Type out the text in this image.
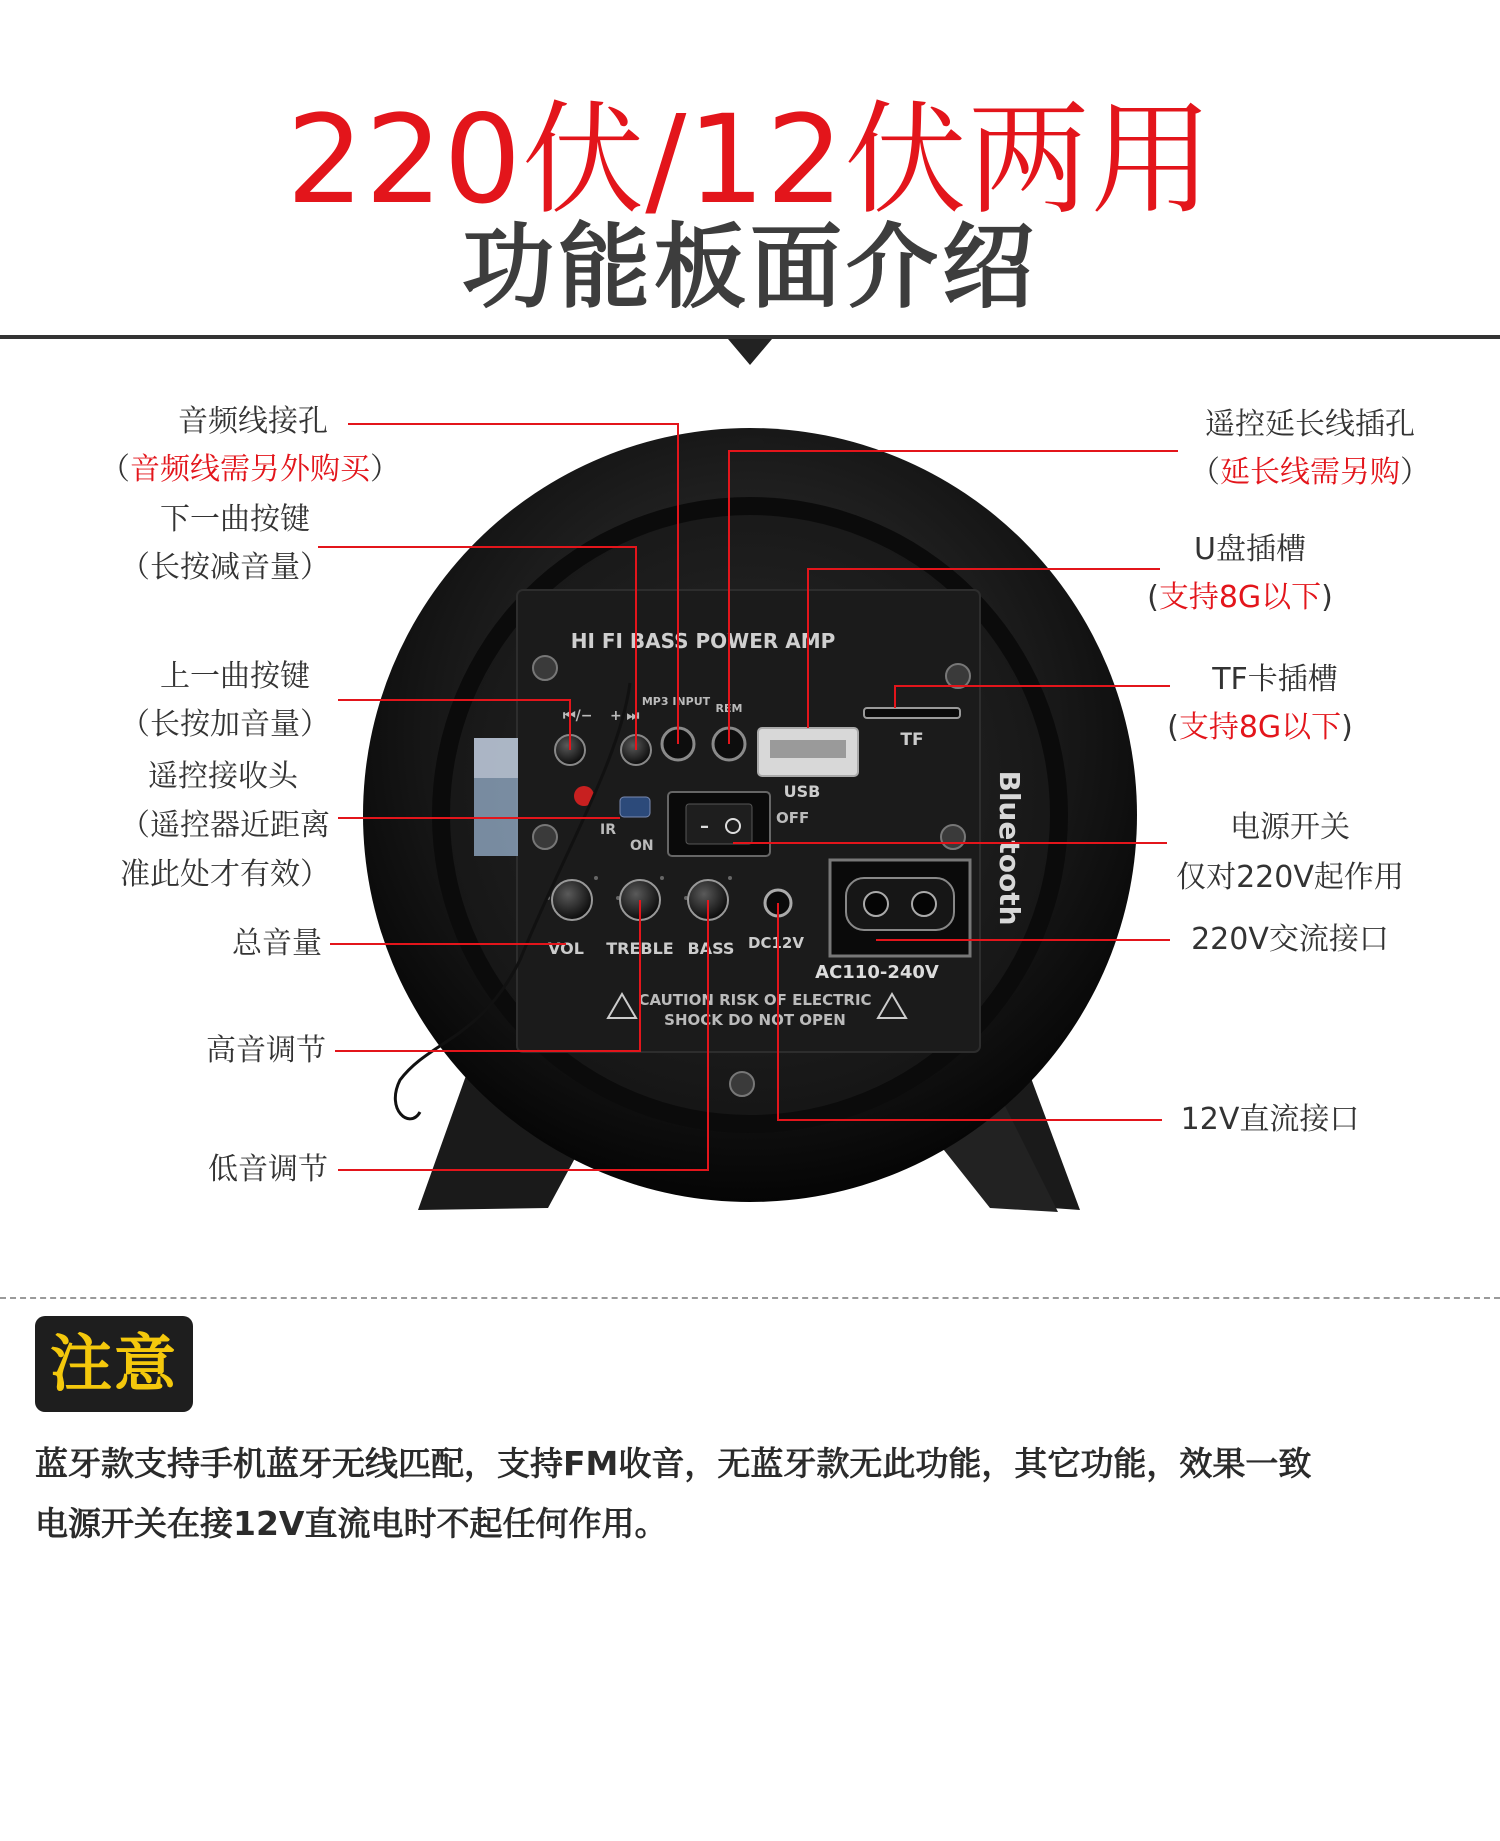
220伏/12伏两用
功能板面介绍
HI FI BASS POWER AMP
⏮/− + ⏭
MP3 INPUT
REM
USB
TF
IR
ON
–	OFF
VOL TREBLE BASS DC12V
AC110-240V
CAUTION RISK OF ELECTRIC
SHOCK DO NOT OPEN
Bluetooth
音频线接孔
（音频线需另外购买）
下一曲按键
（长按减音量）
上一曲按键
（长按加音量）
遥控接收头
（遥控器近距离
准此处才有效）
总音量
高音调节
低音调节
遥控延长线插孔
（延长线需另购）
U盘插槽
(支持8G以下)
TF卡插槽
(支持8G以下)
电源开关
仅对220V起作用
220V交流接口
12V直流接口
注意
蓝牙款支持手机蓝牙无线匹配，支持FM收音，无蓝牙款无此功能，其它功能，效果一致
电源开关在接12V直流电时不起任何作用。
